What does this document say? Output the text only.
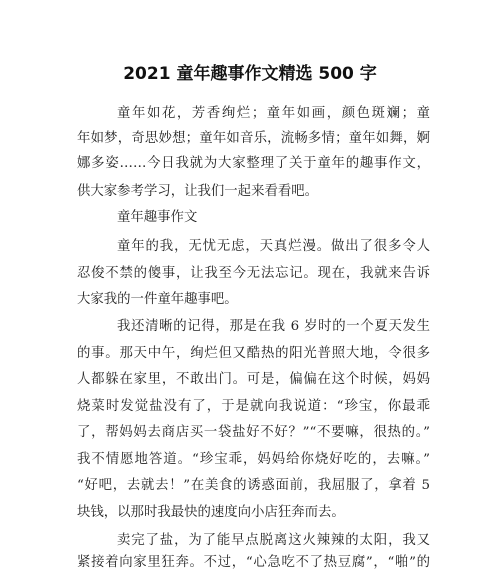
2021 童年趣事作文精选 500 字
童年如花，芳香绚烂；童年如画，颜色斑斓；童
年如梦，奇思妙想；童年如音乐，流畅多情；童年如舞，婀
娜多姿……今日我就为大家整理了关于童年的趣事作文，
供大家参考学习，让我们一起来看看吧。
童年趣事作文
童年的我，无忧无虑，天真烂漫。做出了很多令人
忍俊不禁的傻事，让我至今无法忘记。现在，我就来告诉
大家我的一件童年趣事吧。
我还清晰的记得，那是在我 6 岁时的一个夏天发生
的事。那天中午，绚烂但又酷热的阳光普照大地，令很多
人都躲在家里，不敢出门。可是，偏偏在这个时候，妈妈
烧菜时发觉盐没有了，于是就向我说道：“珍宝，你最乖
了，帮妈妈去商店买一袋盐好不好？”“不要嘛，很热的。”
我不情愿地答道。“珍宝乖，妈妈给你烧好吃的，去嘛。”
“好吧，去就去！”在美食的诱惑面前，我屈服了，拿着 5
块钱，以那时我最快的速度向小店狂奔而去。
卖完了盐，为了能早点脱离这火辣辣的太阳，我又
紧接着向家里狂奔。不过，“心急吃不了热豆腐”，“啪”的
